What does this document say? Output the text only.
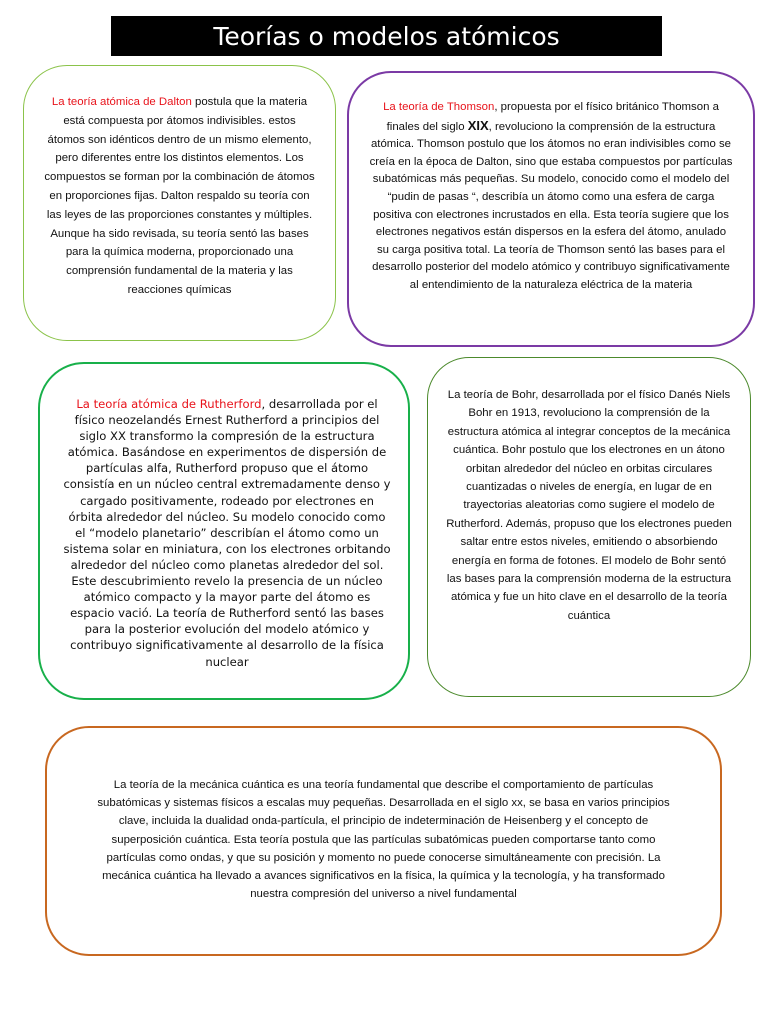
Teorías o modelos atómicos

La teoría atómica de Dalton postula que la materia está compuesta por átomos indivisibles. estos átomos son idénticos dentro de un mismo elemento, pero diferentes entre los distintos elementos. Los compuestos se forman por la combinación de átomos en proporciones fijas. Dalton respaldo su teoría con las leyes de las proporciones constantes y múltiples. Aunque ha sido revisada, su teoría sentó las bases para la química moderna, proporcionado una comprensión fundamental de la materia y las reacciones químicas

La teoría de Thomson, propuesta por el físico británico Thomson a finales del siglo XIX, revoluciono la comprensión de la estructura atómica. Thomson postulo que los átomos no eran indivisibles como se creía en la época de Dalton, sino que estaba compuestos por partículas subatómicas más pequeñas. Su modelo, conocido como el modelo del “pudin de pasas “, describía un átomo como una esfera de carga positiva con electrones incrustados en ella. Esta teoría sugiere que los electrones negativos están dispersos en la esfera del átomo, anulado su carga positiva total. La teoría de Thomson sentó las bases para el desarrollo posterior del modelo atómico y contribuyo significativamente al entendimiento de la naturaleza eléctrica de la materia

La teoría atómica de Rutherford, desarrollada por el físico neozelandés Ernest Rutherford a principios del siglo XX transformo la compresión de la estructura atómica. Basándose en experimentos de dispersión de partículas alfa, Rutherford propuso que el átomo consistía en un núcleo central extremadamente denso y cargado positivamente, rodeado por electrones en órbita alrededor del núcleo. Su modelo conocido como el “modelo planetario” describían el átomo como un sistema solar en miniatura, con los electrones orbitando alrededor del núcleo como planetas alrededor del sol. Este descubrimiento revelo la presencia de un núcleo atómico compacto y la mayor parte del átomo es espacio vació. La teoría de Rutherford sentó las bases para la posterior evolución del modelo atómico y contribuyo significativamente al desarrollo de la física nuclear

La teoría de Bohr, desarrollada por el físico Danés Niels Bohr en 1913, revoluciono la comprensión de la estructura atómica al integrar conceptos de la mecánica cuántica. Bohr postulo que los electrones en un átono orbitan alrededor del núcleo en orbitas circulares cuantizadas o niveles de energía, en lugar de en trayectorias aleatorias como sugiere el modelo de Rutherford. Además, propuso que los electrones pueden saltar entre estos niveles, emitiendo o absorbiendo energía en forma de fotones. El modelo de Bohr sentó las bases para la comprensión moderna de la estructura atómica y fue un hito clave en el desarrollo de la teoría cuántica

La teoría de la mecánica cuántica es una teoría fundamental que describe el comportamiento de partículas subatómicas y sistemas físicos a escalas muy pequeñas. Desarrollada en el siglo xx, se basa en varios principios clave, incluida la dualidad onda-partícula, el principio de indeterminación de Heisenberg y el concepto de superposición cuántica. Esta teoría postula que las partículas subatómicas pueden comportarse tanto como partículas como ondas, y que su posición y momento no puede conocerse simultáneamente con precisión. La mecánica cuántica ha llevado a avances significativos en la física, la química y la tecnología, y ha transformado nuestra compresión del universo a nivel fundamental
